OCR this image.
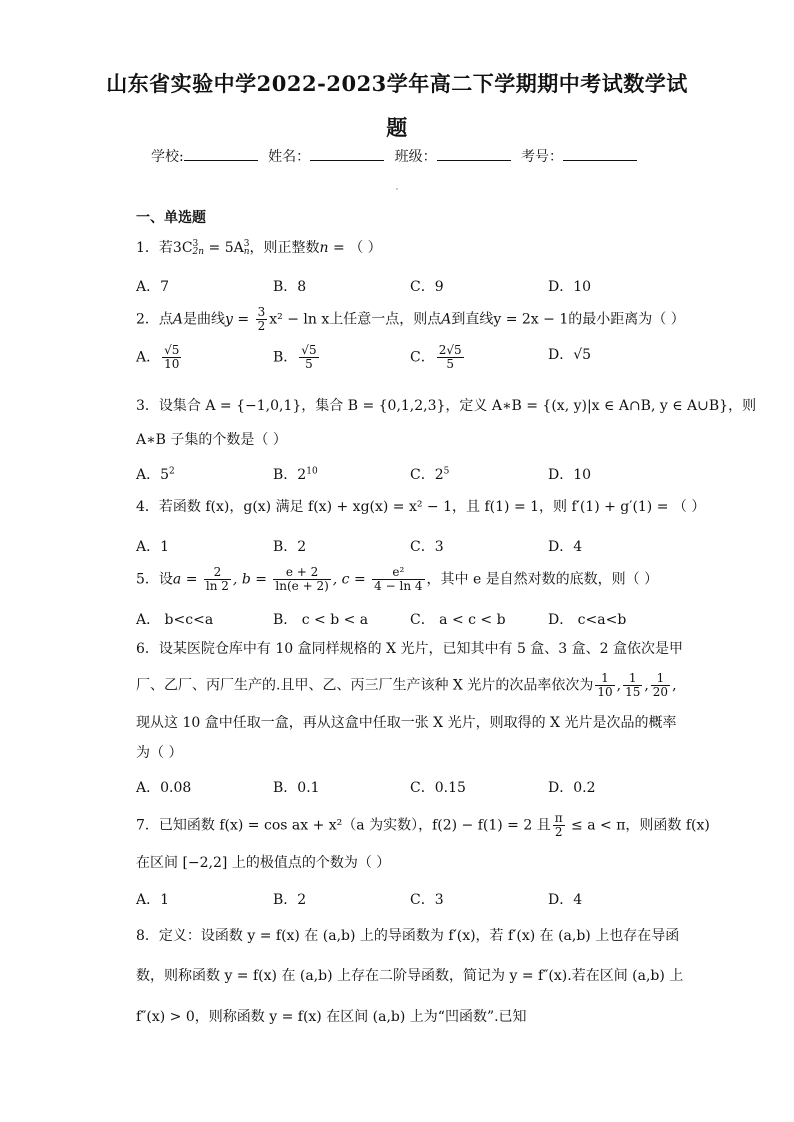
山东省实验中学2022-2023学年高二下学期期中考试数学试
题
学校:	姓名：	班级：	考号：
一、单选题
1．若3C 3
2n = 5A 3
n ，则正整数n = （ ）
A．7	B．8	C．9	D．10
2．点A是曲线$y = \frac{3}{2} x^2 - \ln x$上任意一点，则点A到直线y = 2x − 1的最小距离为（ ）
A． $\frac{√5}{10}$	B． $\frac{√5}{5}$	C． $\frac{2√5}{5}$	D．√5
3．设集合 A = {−1,0,1}，集合 B = {0,1,2,3}，定义 A∗B = {(x, y)|x ∈ A∩B, y ∈ A∪B}，则
A∗B 子集的个数是（ ）
A．$5^2$	B．$2^{10}$	C．$2^5$	D．10
4．若函数 f(x)，g(x) 满足 f(x) + xg(x) = x² − 1，且 f(1) = 1，则 f′(1) + g′(1) = （ ）
A．1	B．2	C．3	D．4
5．设$a = \frac{2}{\ln 2}$ , $b = \frac{e + 2}{\ln(e + 2)}$ , $c = \frac{\text{e²}}{4 - \ln 4}$ ，其中 e 是自然对数的底数，则（ ）
A． b<c<a	B． c < b < a	C． a < c < b	D． c<a<b
6．设某医院仓库中有 10 盒同样规格的 X 光片，已知其中有 5 盒、3 盒、2 盒依次是甲
厂、乙厂、丙厂生产的.且甲、乙、丙三厂生产该种 X 光片的次品率依次为 $\frac{1}{10}$ , $\frac{1}{15}$ , $\frac{1}{20}$ ,
现从这 10 盒中任取一盒，再从这盒中任取一张 X 光片，则取得的 X 光片是次品的概率
为（ ）
A．0.08	B．0.1	C．0.15	D．0.2
7．已知函数 f(x) = cos ax + x²（a 为实数），f(2) − f(1) = 2 且 $\frac{\pi}{2} \le a < \pi$，则函数 f(x)
在区间 [−2,2] 上的极值点的个数为（ ）
A．1	B．2	C．3	D．4
8．定义：设函数 y = f(x) 在 (a,b) 上的导函数为 f′(x)，若 f′(x) 在 (a,b) 上也存在导函
数，则称函数 y = f(x) 在 (a,b) 上存在二阶导函数，简记为 y = f″(x).若在区间 (a,b) 上
f″(x) > 0，则称函数 y = f(x) 在区间 (a,b) 上为“凹函数”.已知
